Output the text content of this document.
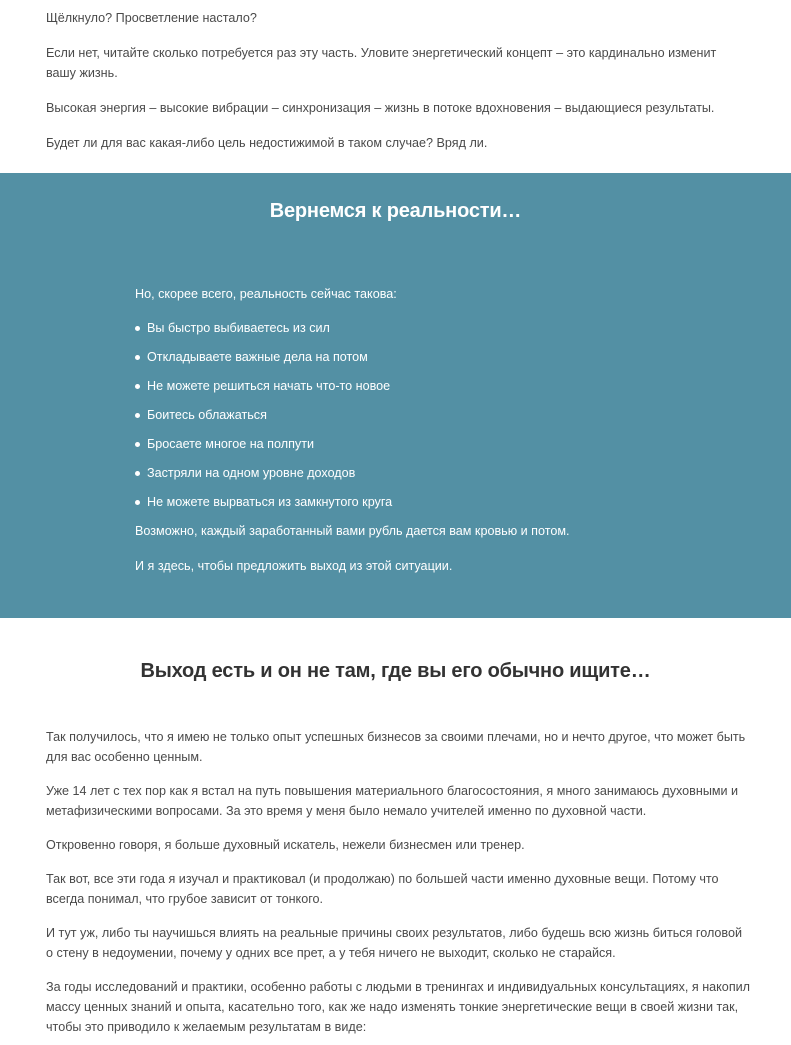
Щёлкнуло? Просветление настало?

Если нет, читайте сколько потребуется раз эту часть. Уловите энергетический концепт – это кардинально изменит вашу жизнь.

Высокая энергия – высокие вибрации – синхронизация – жизнь в потоке вдохновения – выдающиеся результаты.

Будет ли для вас какая-либо цель недостижимой в таком случае? Вряд ли.

Вернемся к реальности…

Но, скорее всего, реальность сейчас такова:

Вы быстро выбиваетесь из сил
Откладываете важные дела на потом
Не можете решиться начать что-то новое
Боитесь облажаться
Бросаете многое на полпути
Застряли на одном уровне доходов
Не можете вырваться из замкнутого круга

Возможно, каждый заработанный вами рубль дается вам кровью и потом.

И я здесь, чтобы предложить выход из этой ситуации.

Выход есть и он не там, где вы его обычно ищите…

Так получилось, что я имею не только опыт успешных бизнесов за своими плечами, но и нечто другое, что может быть для вас особенно ценным.

Уже 14 лет с тех пор как я встал на путь повышения материального благосостояния, я много занимаюсь духовными и метафизическими вопросами. За это время у меня было немало учителей именно по духовной части.

Откровенно говоря, я больше духовный искатель, нежели бизнесмен или тренер.

Так вот, все эти года я изучал и практиковал (и продолжаю) по большей части именно духовные вещи. Потому что всегда понимал, что грубое зависит от тонкого.

И тут уж, либо ты научишься влиять на реальные причины своих результатов, либо будешь всю жизнь биться головой о стену в недоумении, почему у одних все прет, а у тебя ничего не выходит, сколько не старайся.

За годы исследований и практики, особенно работы с людьми в тренингах и индивидуальных консультациях, я накопил массу ценных знаний и опыта, касательно того, как же надо изменять тонкие энергетические вещи в своей жизни так, чтобы это приводило к желаемым результатам в виде:
